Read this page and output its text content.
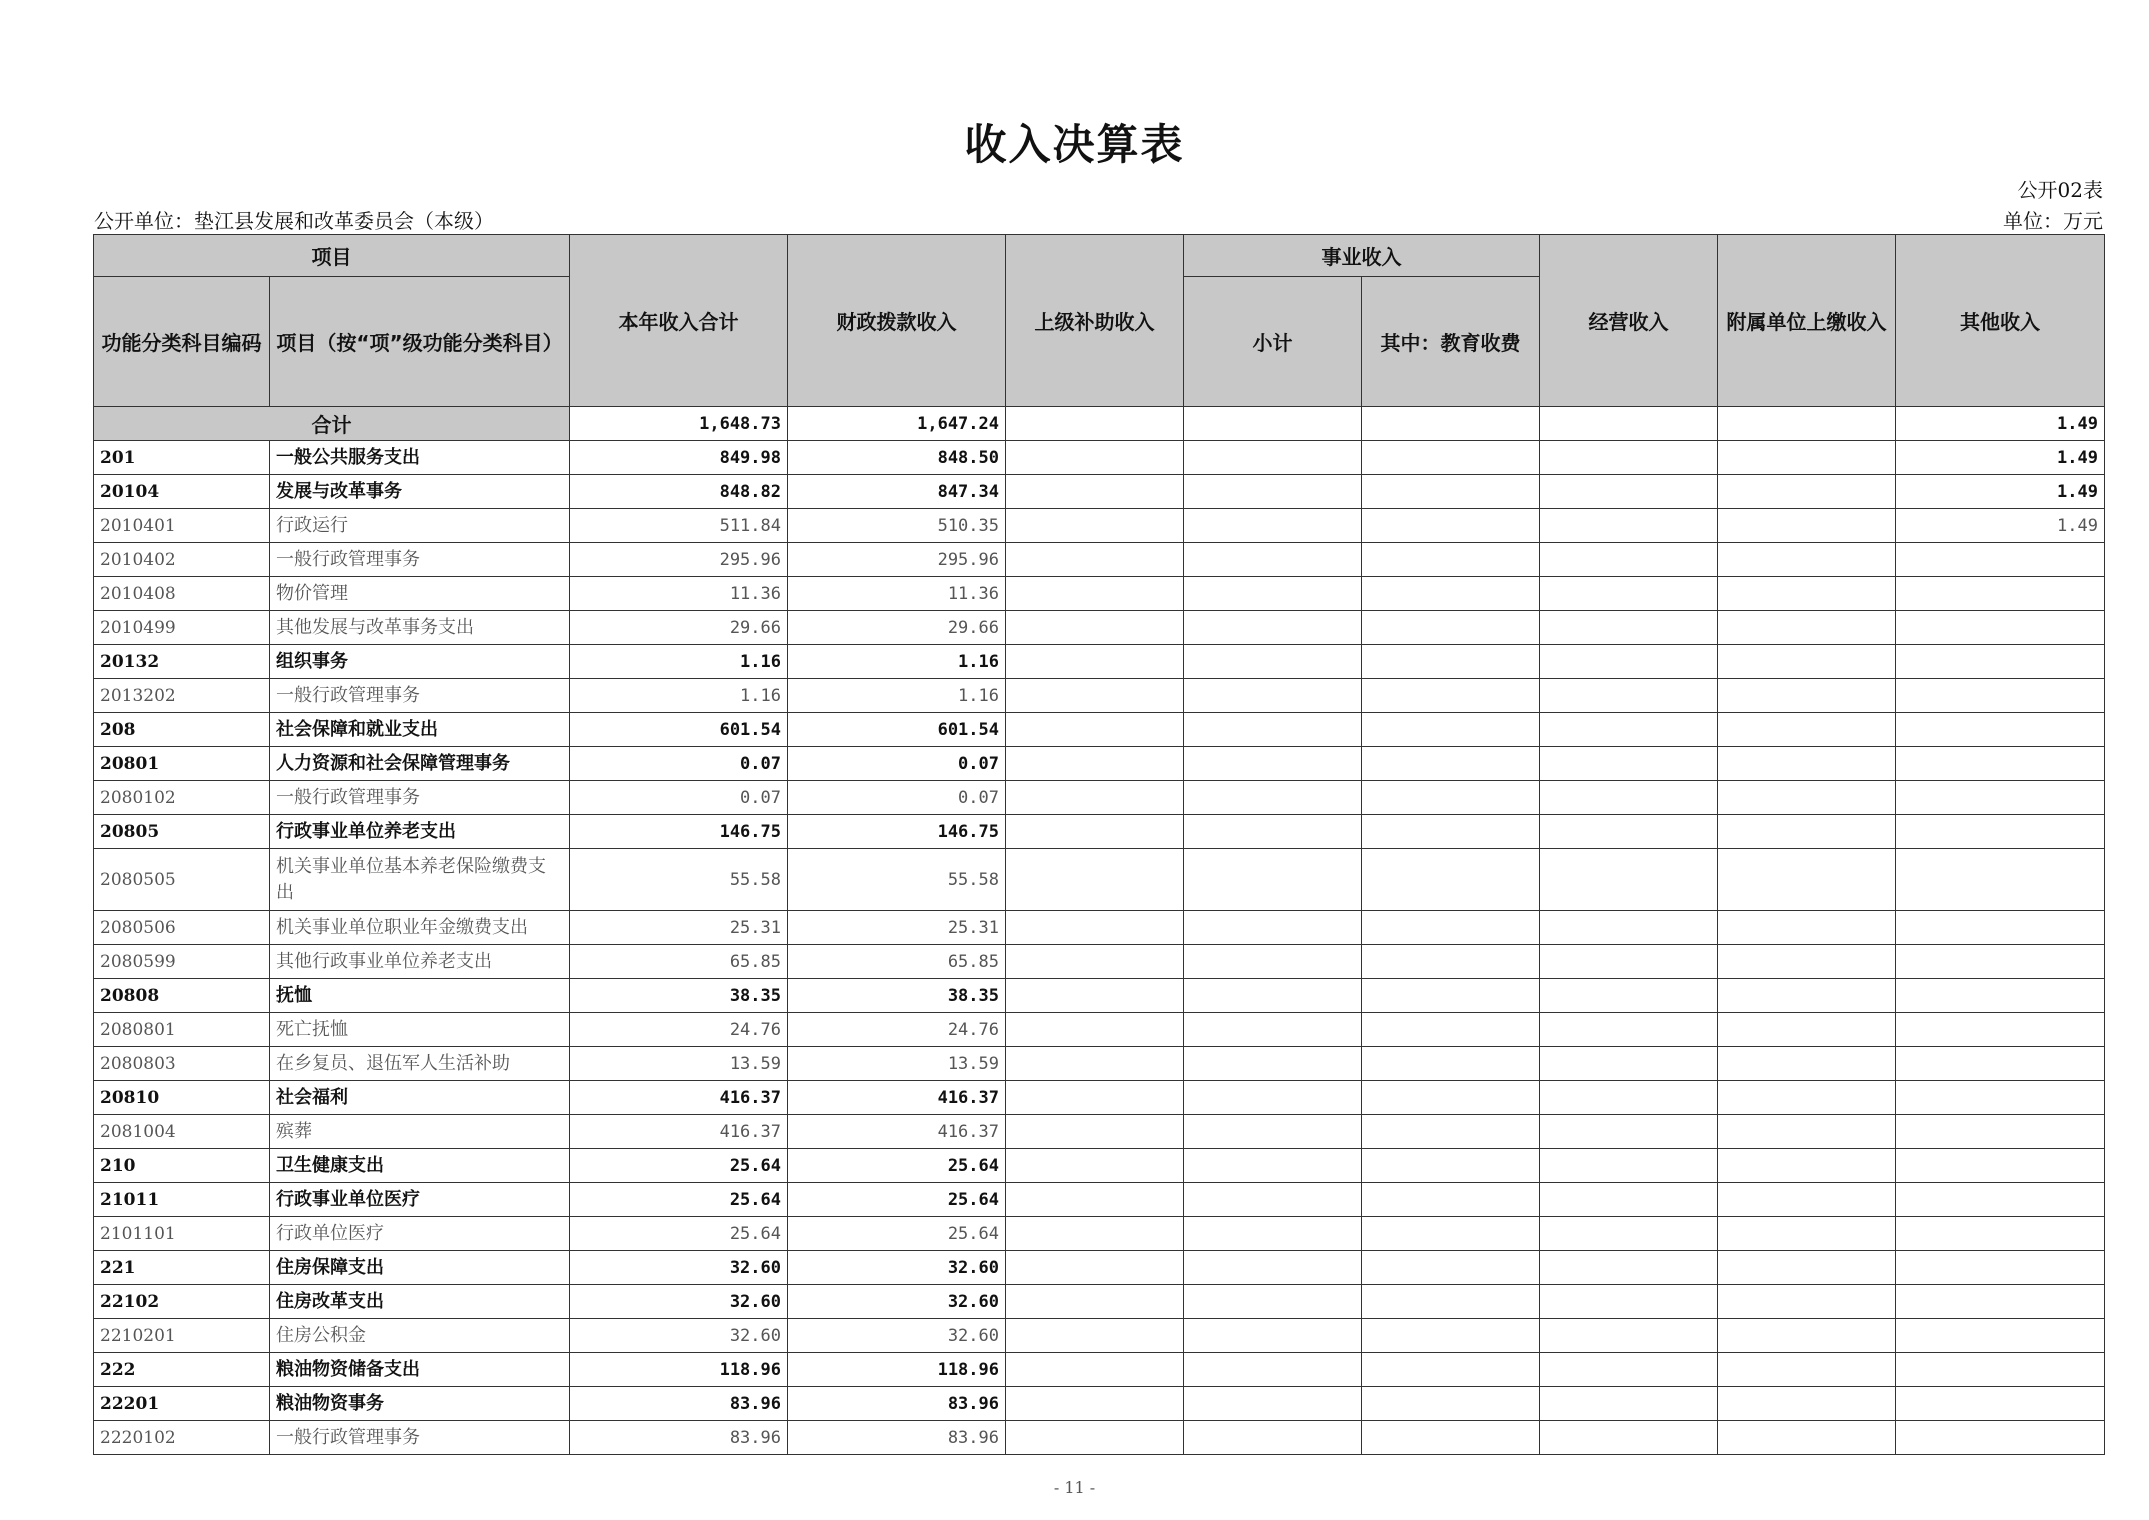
收入决算表
公开02表
公开单位：垫江县发展和改革委员会（本级）	单位：万元
项目		本年收入合计	财政拨款收入	上级补助收入	事业收入		经营收入	附属单位上缴收入	其他收入
功能分类科目编码	项目（按“项”级功能分类科目）				小计	其中：教育收费			
合计		1,648.73	1,647.24						1.49
201	一般公共服务支出	849.98	848.50						1.49
20104	发展与改革事务	848.82	847.34						1.49
2010401	行政运行	511.84	510.35						1.49
2010402	一般行政管理事务	295.96	295.96						
2010408	物价管理	11.36	11.36						
2010499	其他发展与改革事务支出	29.66	29.66						
20132	组织事务	1.16	1.16						
2013202	一般行政管理事务	1.16	1.16						
208	社会保障和就业支出	601.54	601.54						
20801	人力资源和社会保障管理事务	0.07	0.07						
2080102	一般行政管理事务	0.07	0.07						
20805	行政事业单位养老支出	146.75	146.75						
2080505	机关事业单位基本养老保险缴费支出	55.58	55.58						
2080506	机关事业单位职业年金缴费支出	25.31	25.31						
2080599	其他行政事业单位养老支出	65.85	65.85						
20808	抚恤	38.35	38.35						
2080801	死亡抚恤	24.76	24.76						
2080803	在乡复员、退伍军人生活补助	13.59	13.59						
20810	社会福利	416.37	416.37						
2081004	殡葬	416.37	416.37						
210	卫生健康支出	25.64	25.64						
21011	行政事业单位医疗	25.64	25.64						
2101101	行政单位医疗	25.64	25.64						
221	住房保障支出	32.60	32.60						
22102	住房改革支出	32.60	32.60						
2210201	住房公积金	32.60	32.60						
222	粮油物资储备支出	118.96	118.96						
22201	粮油物资事务	83.96	83.96						
2220102	一般行政管理事务	83.96	83.96						
- 11 -
